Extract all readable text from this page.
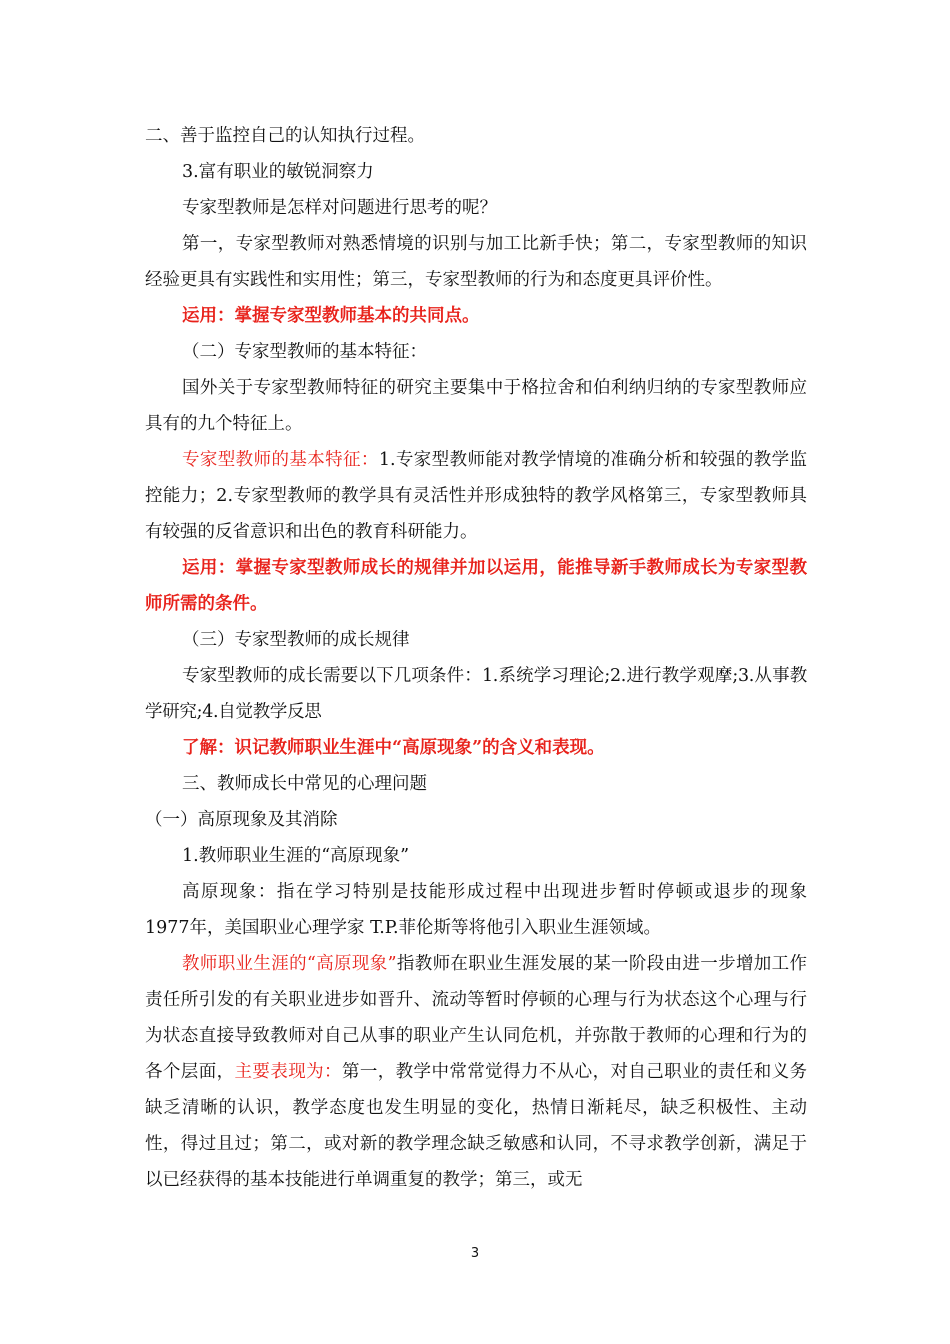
二、善于监控自己的认知执行过程。

3.富有职业的敏锐洞察力

专家型教师是怎样对问题进行思考的呢？

第一，专家型教师对熟悉情境的识别与加工比新手快；第二，专家型教师的知识经验更具有实践性和实用性；第三，专家型教师的行为和态度更具评价性。

运用：掌握专家型教师基本的共同点。

（二）专家型教师的基本特征：

国外关于专家型教师特征的研究主要集中于格拉舍和伯利纳归纳的专家型教师应具有的九个特征上。

专家型教师的基本特征：1.专家型教师能对教学情境的准确分析和较强的教学监控能力；2.专家型教师的教学具有灵活性并形成独特的教学风格第三，专家型教师具有较强的反省意识和出色的教育科研能力。

运用：掌握专家型教师成长的规律并加以运用，能推导新手教师成长为专家型教师所需的条件。

（三）专家型教师的成长规律

专家型教师的成长需要以下几项条件：1.系统学习理论;2.进行教学观摩;3.从事教学研究;4.自觉教学反思

了解：识记教师职业生涯中“高原现象”的含义和表现。

三、教师成长中常见的心理问题

（一）高原现象及其消除

1.教师职业生涯的“高原现象”

高原现象：指在学习特别是技能形成过程中出现进步暂时停顿或退步的现象 1977年，美国职业心理学家 T.P.菲伦斯等将他引入职业生涯领域。

教师职业生涯的“高原现象”指教师在职业生涯发展的某一阶段由进一步增加工作责任所引发的有关职业进步如晋升、流动等暂时停顿的心理与行为状态这个心理与行为状态直接导致教师对自己从事的职业产生认同危机，并弥散于教师的心理和行为的各个层面，主要表现为：第一，教学中常常觉得力不从心，对自己职业的责任和义务缺乏清晰的认识，教学态度也发生明显的变化，热情日渐耗尽，缺乏积极性、主动性，得过且过；第二，或对新的教学理念缺乏敏感和认同，不寻求教学创新，满足于以已经获得的基本技能进行单调重复的教学；第三，或无

3
